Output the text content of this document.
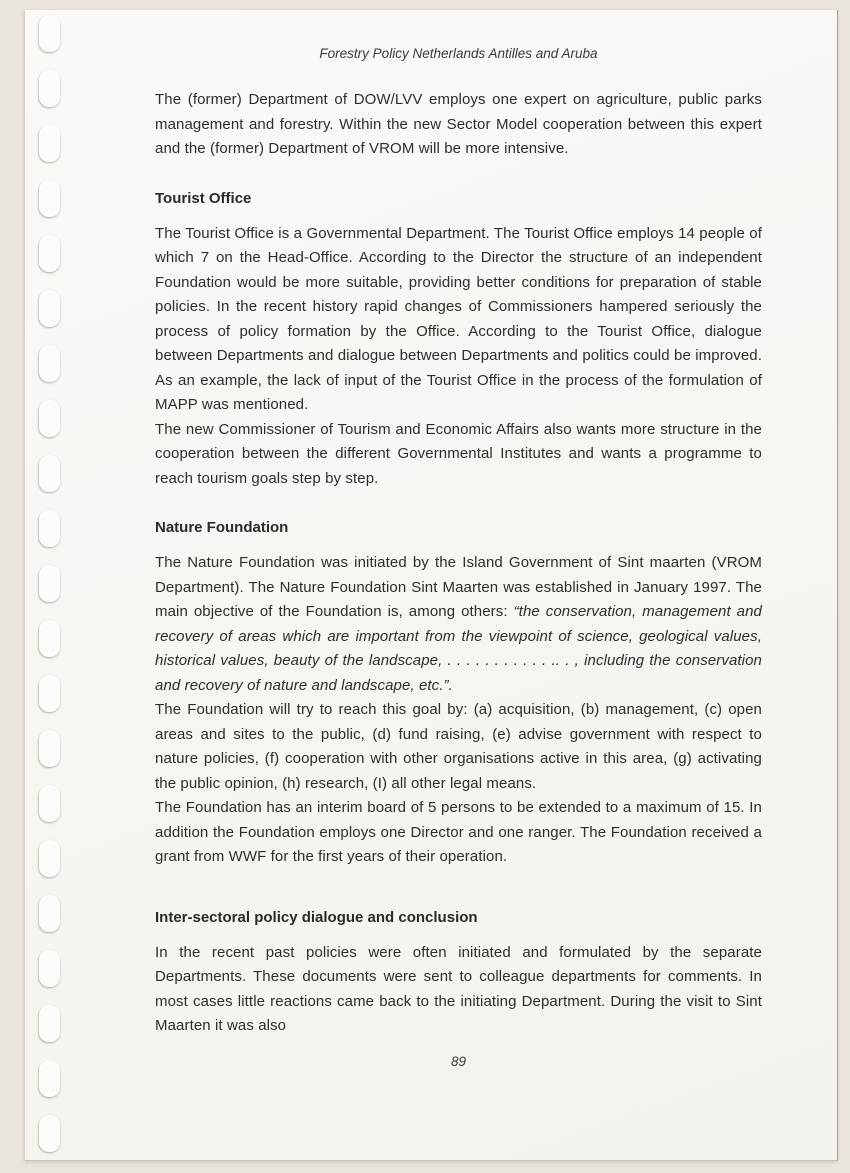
Forestry Policy Netherlands Antilles and Aruba

The (former) Department of DOW/LVV employs one expert on agriculture, public parks management and forestry. Within the new Sector Model cooperation between this expert and the (former) Department of VROM will be more intensive.

Tourist Office

The Tourist Office is a Governmental Department. The Tourist Office employs 14 people of which 7 on the Head-Office. According to the Director the structure of an independent Foundation would be more suitable, providing better conditions for preparation of stable policies. In the recent history rapid changes of Commissioners hampered seriously the process of policy formation by the Office. According to the Tourist Office, dialogue between Departments and dialogue between Departments and politics could be improved. As an example, the lack of input of the Tourist Office in the process of the formulation of MAPP was mentioned.

The new Commissioner of Tourism and Economic Affairs also wants more structure in the cooperation between the different Governmental Institutes and wants a programme to reach tourism goals step by step.

Nature Foundation

The Nature Foundation was initiated by the Island Government of Sint maarten (VROM Department). The Nature Foundation Sint Maarten was established in January 1997. The main objective of the Foundation is, among others: “the conservation, management and recovery of areas which are important from the viewpoint of science, geological values, historical values, beauty of the landscape, . . . . . . . . . . . .. . , including the conservation and recovery of nature and landscape, etc.”.

The Foundation will try to reach this goal by: (a) acquisition, (b) management, (c) open areas and sites to the public, (d) fund raising, (e) advise government with respect to nature policies, (f) cooperation with other organisations active in this area, (g) activating the public opinion, (h) research, (I) all other legal means.

The Foundation has an interim board of 5 persons to be extended to a maximum of 15. In addition the Foundation employs one Director and one ranger. The Foundation received a grant from WWF for the first years of their operation.

Inter-sectoral policy dialogue and conclusion

In the recent past policies were often initiated and formulated by the separate Departments. These documents were sent to colleague departments for comments. In most cases little reactions came back to the initiating Department. During the visit to Sint Maarten it was also

89
